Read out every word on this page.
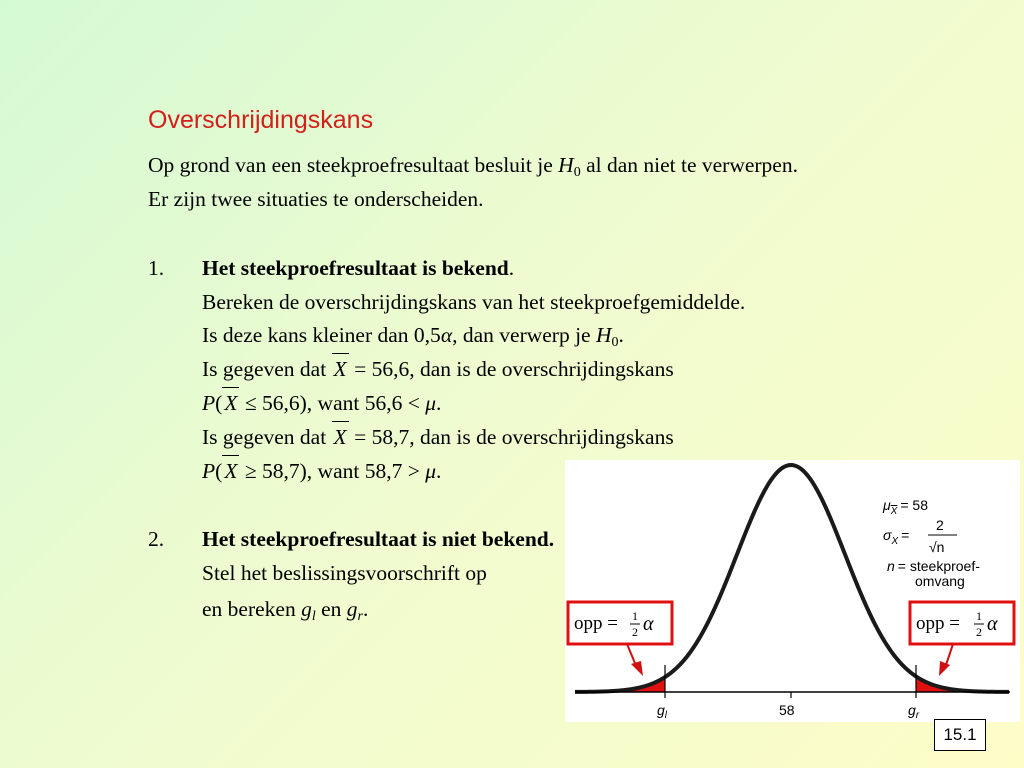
Overschrijdingskans
Op grond van een steekproefresultaat besluit je $H_0$ al dan niet te verwerpen.
Er zijn twee situaties te onderscheiden.
1. Het steekproefresultaat is bekend.
Bereken de overschrijdingskans van het steekproefgemiddelde.
Is deze kans kleiner dan 0,5α, dan verwerp je $H_0$.
Is gegeven dat X = 56,6, dan is de overschrijdingskans
P(X ≤ 56,6), want 56,6 < μ.
Is gegeven dat X = 58,7, dan is de overschrijdingskans
P(X ≥ 58,7), want 58,7 > μ.
2. Het steekproefresultaat is niet bekend.
Stel het beslissingsvoorschrift op
en bereken $g_l$ en $g_r$.
$g_l$	58	$g_r$
$\mu_X = 58$
$\sigma_X$ =
2
√n
n = steekproef-
omvang
opp = 1
2 α	opp = 1
2 α
15.1
